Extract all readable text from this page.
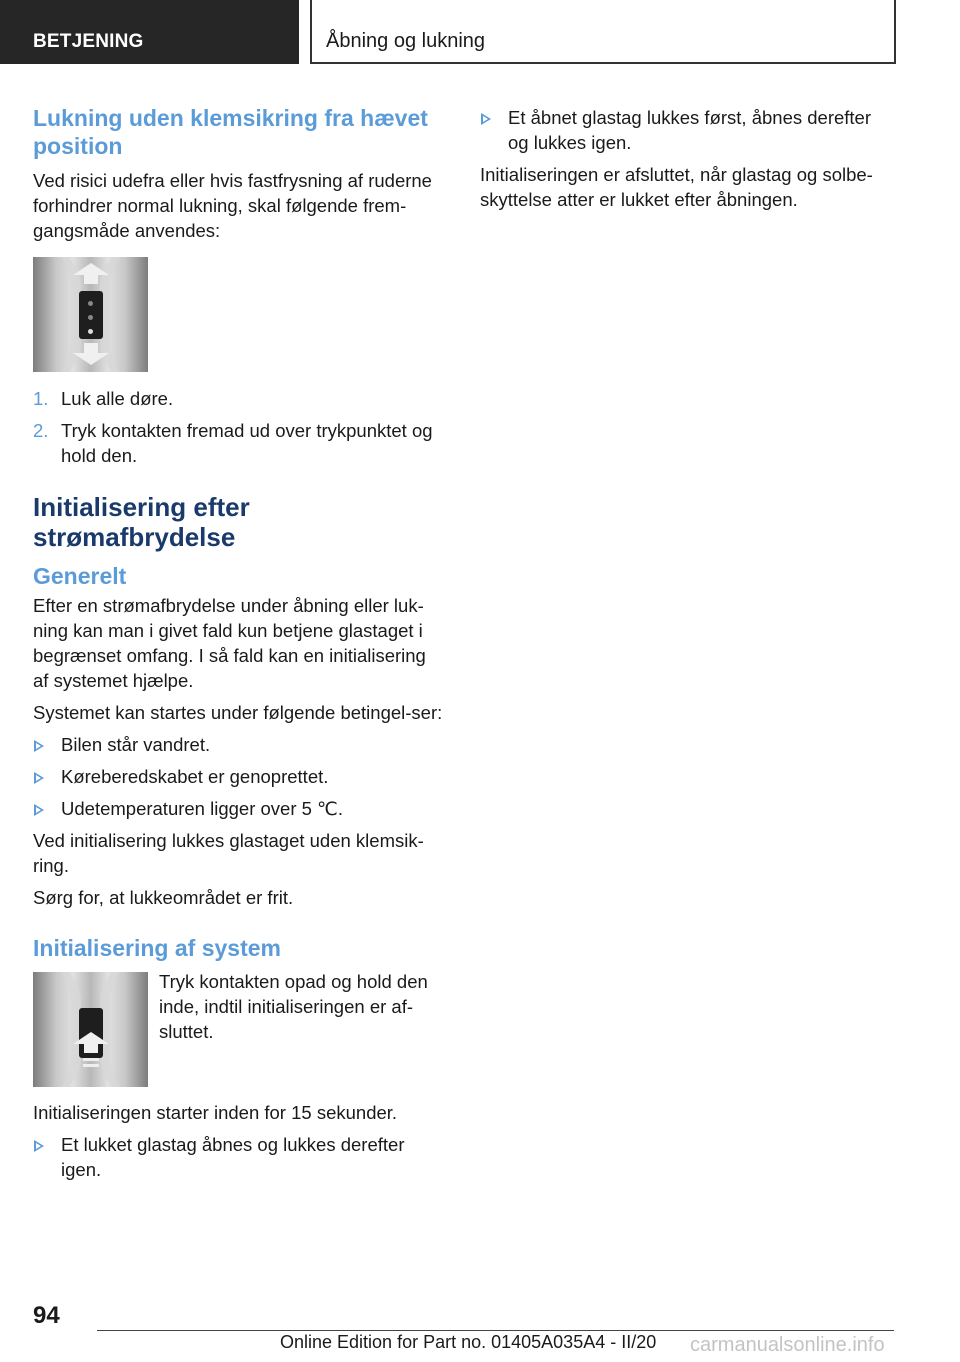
BETJENING	Åbning og lukning
Lukning uden klemsikring fra hævet position

Ved risici udefra eller hvis fastfrysning af ruderne forhindrer normal lukning, skal følgende frem-gangsmåde anvendes:

1. Luk alle døre.
2. Tryk kontakten fremad ud over trykpunktet og hold den.
Initialisering efter strømafbrydelse
Generelt

Efter en strømafbrydelse under åbning eller luk-ning kan man i givet fald kun betjene glastaget i begrænset omfang. I så fald kan en initialisering af systemet hjælpe.

Systemet kan startes under følgende betingel-ser:

Bilen står vandret.
Køreberedskabet er genoprettet.
Udetemperaturen ligger over 5 ℃.

Ved initialisering lukkes glastaget uden klemsik-ring.

Sørg for, at lukkeområdet er frit.

Initialisering af system

Tryk kontakten opad og hold den inde, indtil initialiseringen er af-sluttet.

Initialiseringen starter inden for 15 sekunder.

Et lukket glastag åbnes og lukkes derefter igen.
Et åbnet glastag lukkes først, åbnes derefter og lukkes igen.

Initialiseringen er afsluttet, når glastag og solbe-skyttelse atter er lukket efter åbningen.

94
Online Edition for Part no. 01405A035A4 - II/20 carmanualsonline.info
